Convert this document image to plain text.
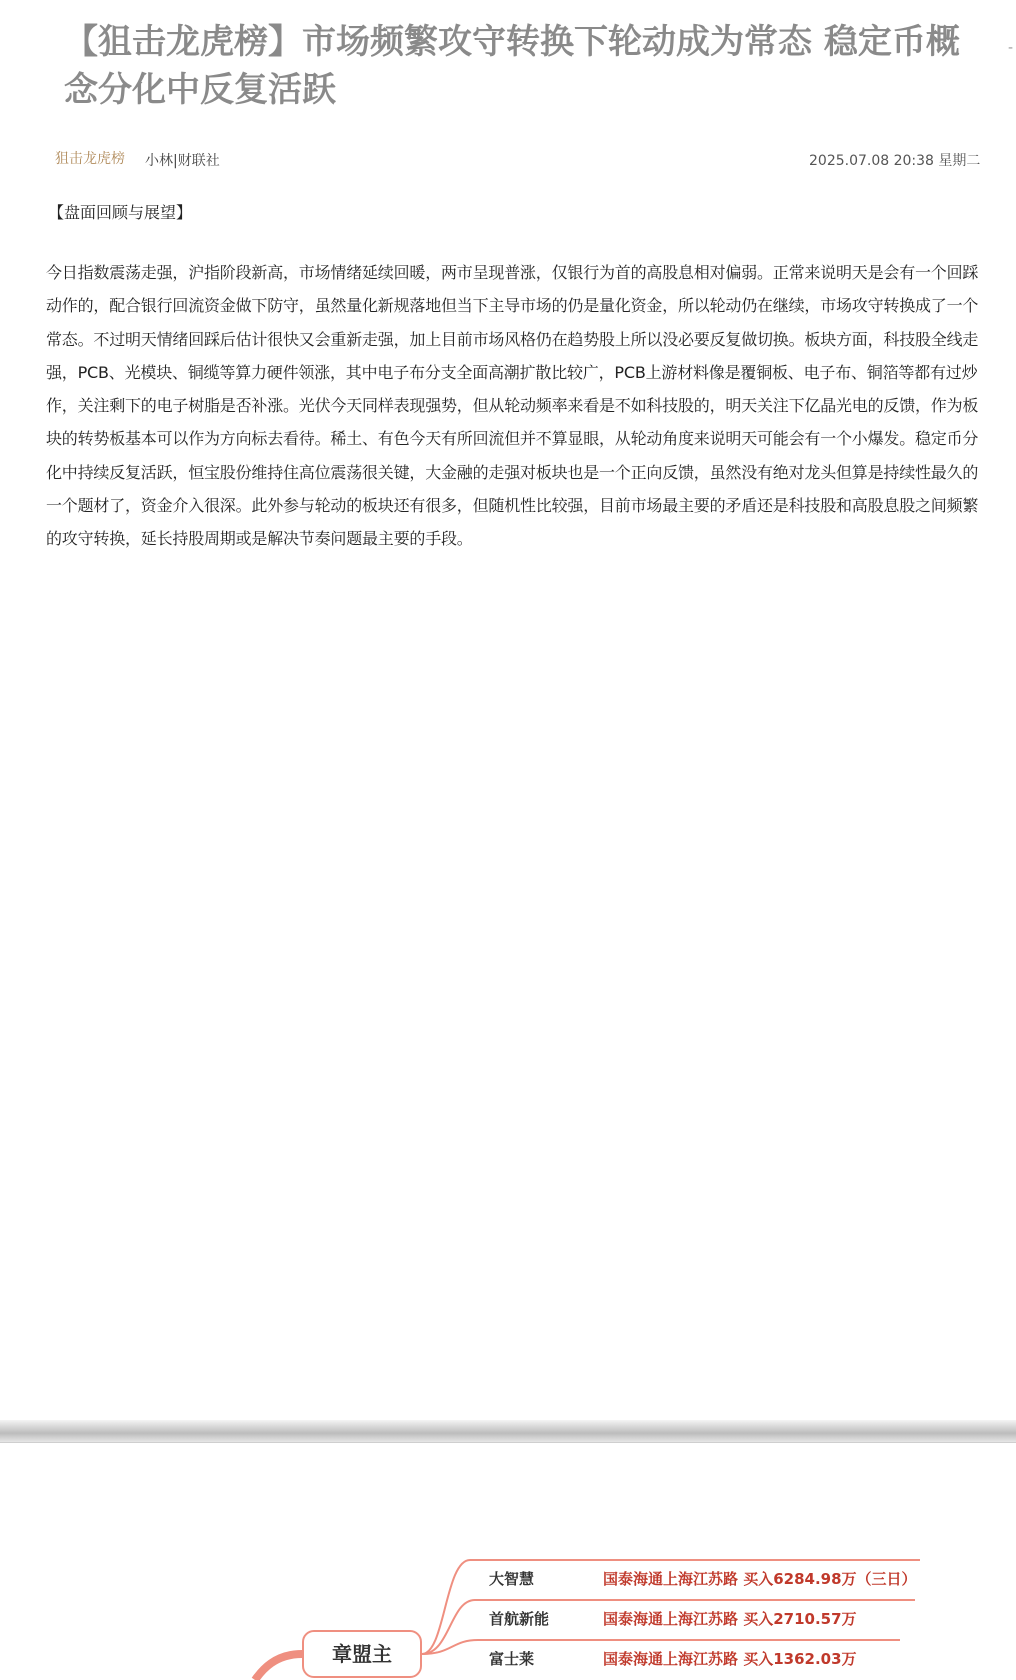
【狙击龙虎榜】市场频繁攻守转换下轮动成为常态 稳定币概念分化中反复活跃
-
狙击龙虎榜 小林|财联社	2025.07.08 20:38 星期二
【盘面回顾与展望】

今日指数震荡走强，沪指阶段新高，市场情绪延续回暖，两市呈现普涨，仅银行为首的高股息相对偏弱。正常来说明天是会有一个回踩动作的，配合银行回流资金做下防守，虽然量化新规落地但当下主导市场的仍是量化资金，所以轮动仍在继续，市场攻守转换成了一个常态。不过明天情绪回踩后估计很快又会重新走强，加上目前市场风格仍在趋势股上所以没必要反复做切换。板块方面，科技股全线走强，PCB、光模块、铜缆等算力硬件领涨，其中电子布分支全面高潮扩散比较广，PCB上游材料像是覆铜板、电子布、铜箔等都有过炒作，关注剩下的电子树脂是否补涨。光伏今天同样表现强势，但从轮动频率来看是不如科技股的，明天关注下亿晶光电的反馈，作为板块的转势板基本可以作为方向标去看待。稀土、有色今天有所回流但并不算显眼，从轮动角度来说明天可能会有一个小爆发。稳定币分化中持续反复活跃，恒宝股份维持住高位震荡很关键，大金融的走强对板块也是一个正向反馈，虽然没有绝对龙头但算是持续性最久的一个题材了，资金介入很深。此外参与轮动的板块还有很多，但随机性比较强，目前市场最主要的矛盾还是科技股和高股息股之间频繁的攻守转换，延长持股周期或是解决节奏问题最主要的手段。

大智慧	国泰海通上海江苏路 买入6284.98万（三日）
首航新能	国泰海通上海江苏路 买入2710.57万
富士莱	国泰海通上海江苏路 买入1362.03万
章盟主
